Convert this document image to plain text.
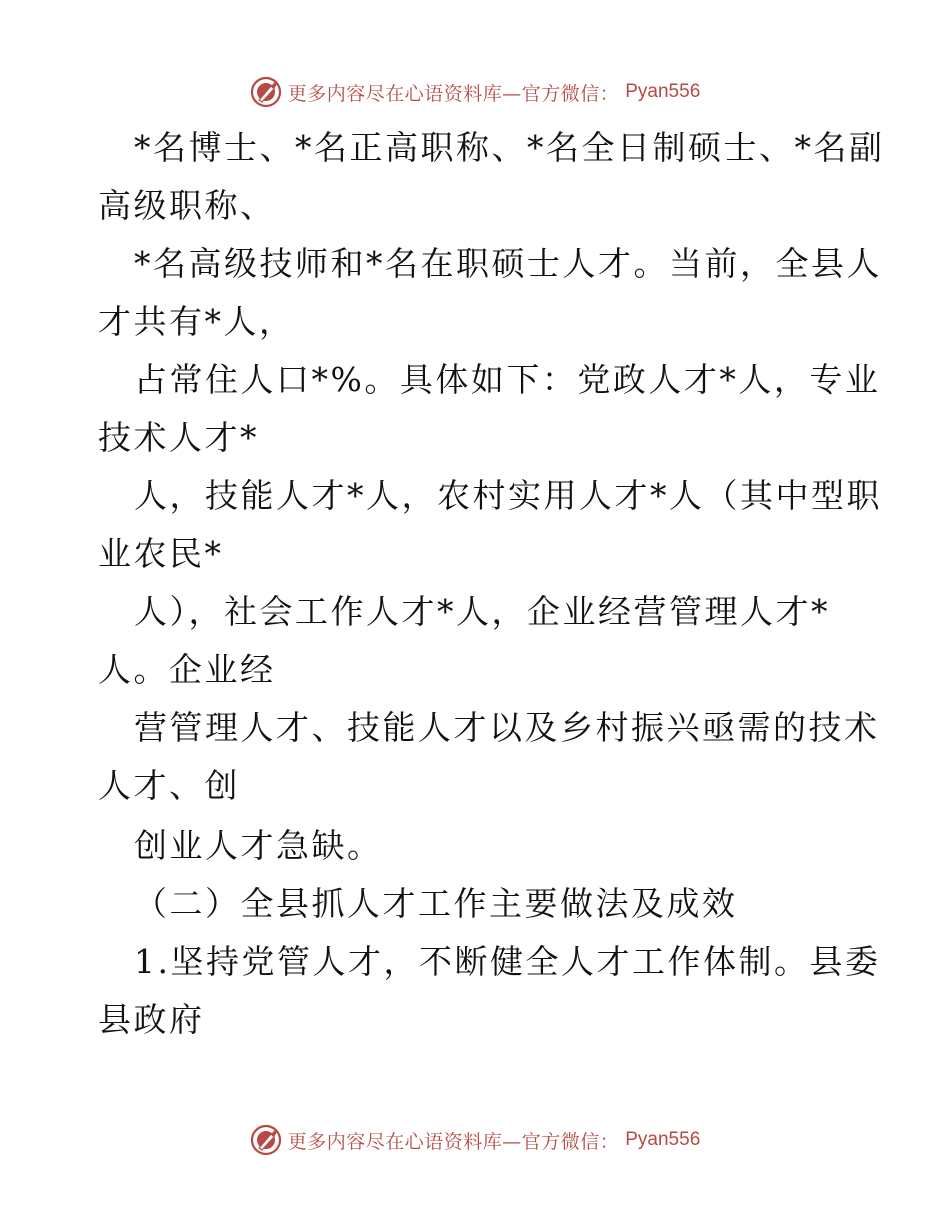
更多内容尽在心语资料库—官方微信： Pyan556
*名博士、*名正高职称、*名全日制硕士、*名副
高级职称、
*名高级技师和*名在职硕士人才。当前，全县人
才共有*人，
占常住人口*%。具体如下：党政人才*人，专业
技术人才*
人，技能人才*人，农村实用人才*人（其中型职
业农民*
人），社会工作人才*人，企业经营管理人才*
人。企业经
营管理人才、技能人才以及乡村振兴亟需的技术
人才、创
创业人才急缺。
（二）全县抓人才工作主要做法及成效
1.坚持党管人才，不断健全人才工作体制。县委
县政府
更多内容尽在心语资料库—官方微信： Pyan556
